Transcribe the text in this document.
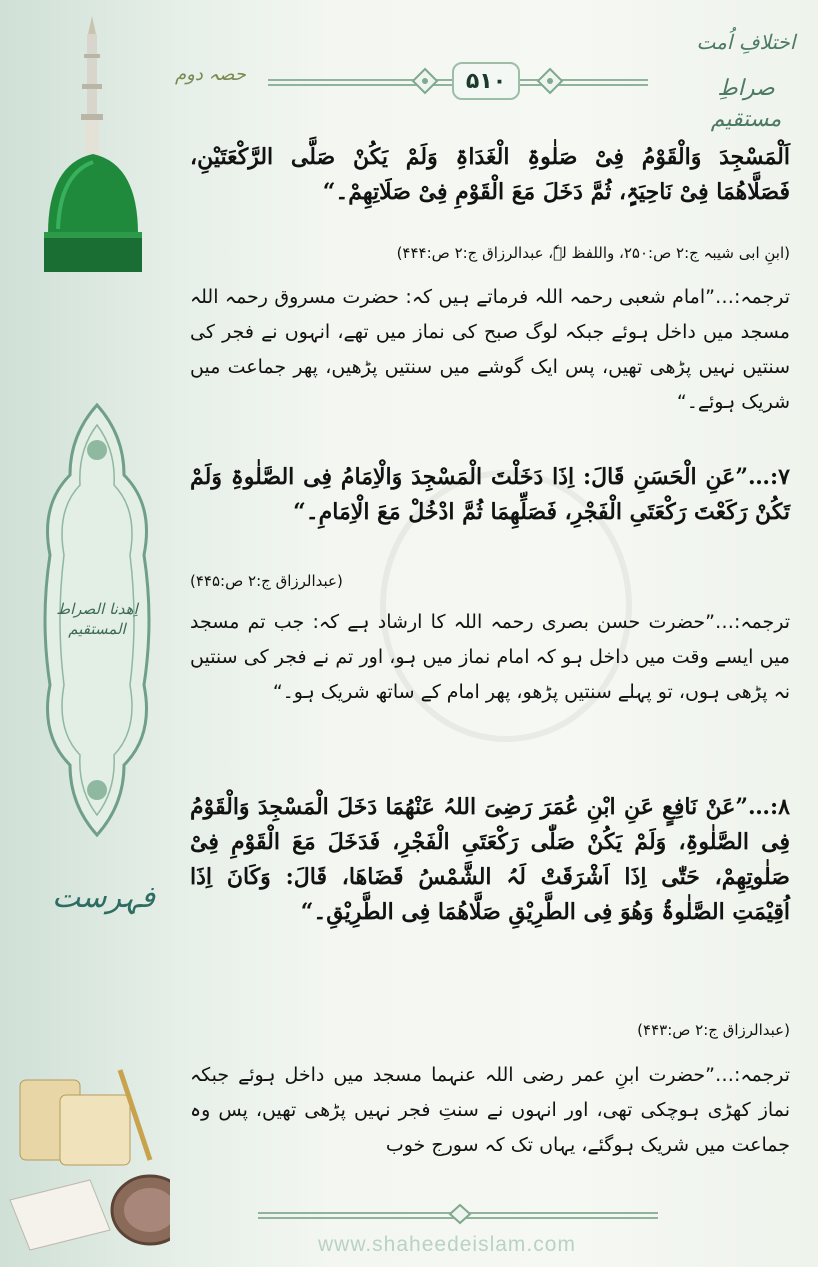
۵۱۰
حصہ دوم
اختلافِ اُمت
صراطِ مستقیم
اِھدنا الصراط المستقیم
فہرست

اَلْمَسْجِدَ وَالْقَوْمُ فِیْ صَلٰوۃِ الْغَدَاۃِ وَلَمْ یَکُنْ صَلَّی الرَّکْعَتَیْنِ، فَصَلَّاھُمَا فِیْ نَاحِیَۃٍ، ثُمَّ دَخَلَ مَعَ الْقَوْمِ فِیْ صَلَاتِھِمْ۔“

(ابنِ ابی شیبہ ج:۲ ص:۲۵۰، واللفظ لہٗ، عبدالرزاق ج:۲ ص:۴۴۴)

ترجمہ:…”امام شعبی رحمہ اللہ فرماتے ہیں کہ: حضرت مسروق رحمہ اللہ مسجد میں داخل ہوئے جبکہ لوگ صبح کی نماز میں تھے، انہوں نے فجر کی سنتیں نہیں پڑھی تھیں، پس ایک گوشے میں سنتیں پڑھیں، پھر جماعت میں شریک ہوئے۔“

۷:…”عَنِ الْحَسَنِ قَالَ: اِذَا دَخَلْتَ الْمَسْجِدَ وَالْاِمَامُ فِی الصَّلٰوۃِ وَلَمْ تَکُنْ رَکَعْتَ رَکْعَتَیِ الْفَجْرِ، فَصَلِّھِمَا ثُمَّ ادْخُلْ مَعَ الْاِمَامِ۔“

(عبدالرزاق ج:۲ ص:۴۴۵)

ترجمہ:…”حضرت حسن بصری رحمہ اللہ کا ارشاد ہے کہ: جب تم مسجد میں ایسے وقت میں داخل ہو کہ امام نماز میں ہو، اور تم نے فجر کی سنتیں نہ پڑھی ہوں، تو پہلے سنتیں پڑھو، پھر امام کے ساتھ شریک ہو۔“

۸:…”عَنْ نَافِعٍ عَنِ ابْنِ عُمَرَ رَضِیَ اللہُ عَنْھُمَا دَخَلَ الْمَسْجِدَ وَالْقَوْمُ فِی الصَّلٰوۃِ، وَلَمْ یَکُنْ صَلّٰی رَکْعَتَیِ الْفَجْرِ، فَدَخَلَ مَعَ الْقَوْمِ فِیْ صَلٰوتِھِمْ، حَتّٰی اِذَا اَشْرَقَتْ لَہُ الشَّمْسُ قَضَاھَا، قَالَ: وَکَانَ اِذَا اُقِیْمَتِ الصَّلٰوۃُ وَھُوَ فِی الطَّرِیْقِ صَلَّاھُمَا فِی الطَّرِیْقِ۔“

(عبدالرزاق ج:۲ ص:۴۴۳)

ترجمہ:…”حضرت ابنِ عمر رضی اللہ عنہما مسجد میں داخل ہوئے جبکہ نماز کھڑی ہوچکی تھی، اور انہوں نے سنتِ فجر نہیں پڑھی تھیں، پس وہ جماعت میں شریک ہوگئے، یہاں تک کہ سورج خوب

www.shaheedeislam.com
